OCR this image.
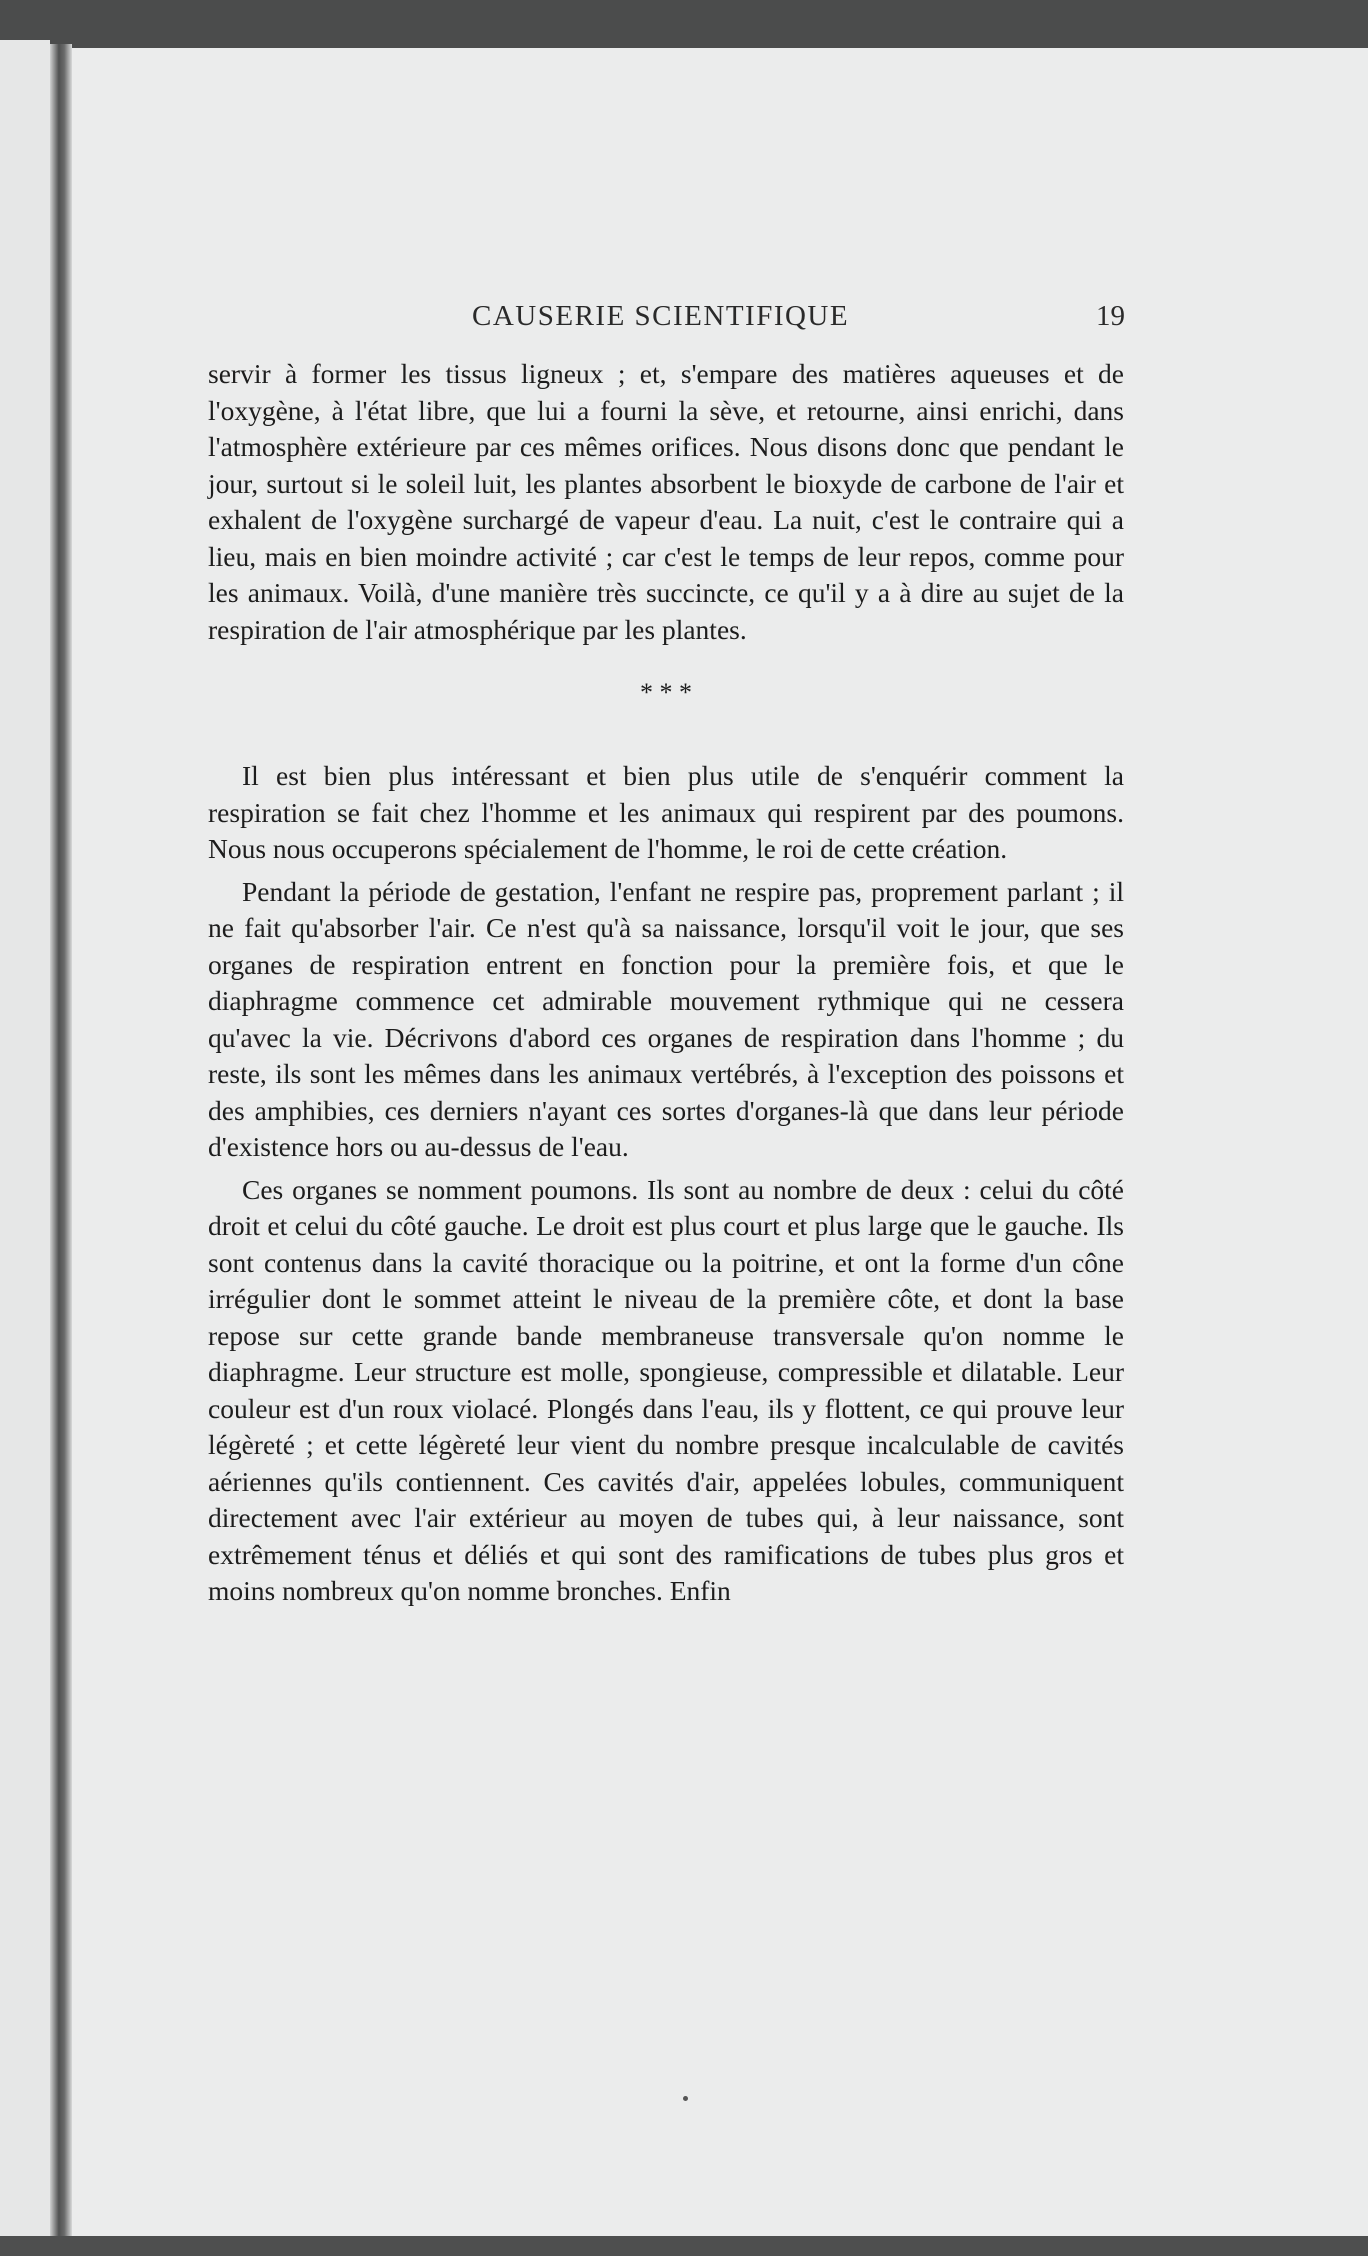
CAUSERIE SCIENTIFIQUE	19

servir à former les tissus ligneux ; et, s'empare des matières aqueuses et de l'oxygène, à l'état libre, que lui a fourni la sève, et retourne, ainsi enrichi, dans l'atmosphère extérieure par ces mêmes orifices. Nous disons donc que pendant le jour, surtout si le soleil luit, les plantes absorbent le bioxyde de carbone de l'air et exhalent de l'oxygène surchargé de vapeur d'eau. La nuit, c'est le contraire qui a lieu, mais en bien moindre activité ; car c'est le temps de leur repos, comme pour les animaux. Voilà, d'une manière très succincte, ce qu'il y a à dire au sujet de la respiration de l'air atmosphérique par les plantes.

* * *

Il est bien plus intéressant et bien plus utile de s'enquérir comment la respiration se fait chez l'homme et les animaux qui respirent par des poumons. Nous nous occuperons spécialement de l'homme, le roi de cette création.

Pendant la période de gestation, l'enfant ne respire pas, proprement parlant ; il ne fait qu'absorber l'air. Ce n'est qu'à sa naissance, lorsqu'il voit le jour, que ses organes de respiration entrent en fonction pour la première fois, et que le diaphragme commence cet admirable mouvement rythmique qui ne cessera qu'avec la vie. Décrivons d'abord ces organes de respiration dans l'homme ; du reste, ils sont les mêmes dans les animaux vertébrés, à l'exception des poissons et des amphibies, ces derniers n'ayant ces sortes d'organes-là que dans leur période d'existence hors ou au-dessus de l'eau.

Ces organes se nomment poumons. Ils sont au nombre de deux : celui du côté droit et celui du côté gauche. Le droit est plus court et plus large que le gauche. Ils sont contenus dans la cavité thoracique ou la poitrine, et ont la forme d'un cône irrégulier dont le sommet atteint le niveau de la première côte, et dont la base repose sur cette grande bande membraneuse transversale qu'on nomme le diaphragme. Leur structure est molle, spongieuse, compressible et dilatable. Leur couleur est d'un roux violacé. Plongés dans l'eau, ils y flottent, ce qui prouve leur légèreté ; et cette légèreté leur vient du nombre presque incalculable de cavités aériennes qu'ils contiennent. Ces cavités d'air, appelées lobules, communiquent directement avec l'air extérieur au moyen de tubes qui, à leur naissance, sont extrêmement ténus et déliés et qui sont des ramifications de tubes plus gros et moins nombreux qu'on nomme bronches. Enfin
